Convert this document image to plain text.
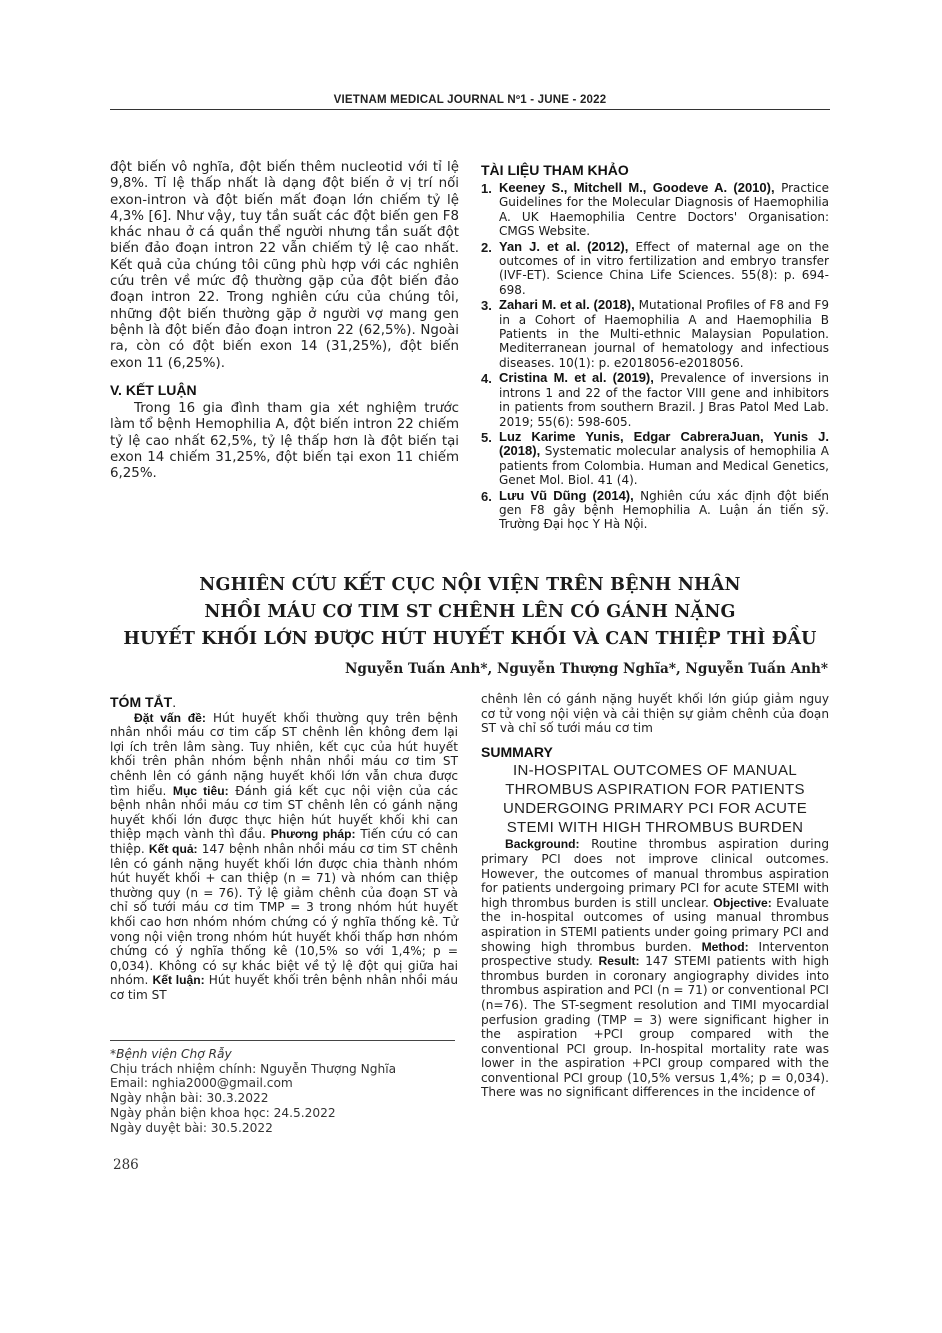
VIETNAM MEDICAL JOURNAL Nº1 - JUNE - 2022

đột biến vô nghĩa, đột biến thêm nucleotid với tỉ lệ 9,8%. Tỉ lệ thấp nhất là dạng đột biến ở vị trí nối exon-intron và đột biến mất đoạn lớn chiếm tỷ lệ 4,3% [6]. Như vậy, tuy tần suất các đột biến gen F8 khác nhau ở cá quần thể người nhưng tần suất đột biến đảo đoạn intron 22 vẫn chiếm tỷ lệ cao nhất. Kết quả của chúng tôi cũng phù hợp với các nghiên cứu trên về mức độ thường gặp của đột biến đảo đoạn intron 22. Trong nghiên cứu của chúng tôi, những đột biến thường gặp ở người vợ mang gen bệnh là đột biến đảo đoạn intron 22 (62,5%). Ngoài ra, còn có đột biến exon 14 (31,25%), đột biến exon 11 (6,25%).

V. KẾT LUẬN

Trong 16 gia đình tham gia xét nghiệm trước làm tổ bệnh Hemophilia A, đột biến intron 22 chiếm tỷ lệ cao nhất 62,5%, tỷ lệ thấp hơn là đột biến tại exon 14 chiếm 31,25%, đột biến tại exon 11 chiếm 6,25%.

TÀI LIỆU THAM KHẢO

1. Keeney S., Mitchell M., Goodeve A. (2010), Practice Guidelines for the Molecular Diagnosis of Haemophilia A. UK Haemophilia Centre Doctors' Organisation: CMGS Website.
2. Yan J. et al. (2012), Effect of maternal age on the outcomes of in vitro fertilization and embryo transfer (IVF-ET). Science China Life Sciences. 55(8): p. 694-698.
3. Zahari M. et al. (2018), Mutational Profiles of F8 and F9 in a Cohort of Haemophilia A and Haemophilia B Patients in the Multi-ethnic Malaysian Population. Mediterranean journal of hematology and infectious diseases. 10(1): p. e2018056-e2018056.
4. Cristina M. et al. (2019), Prevalence of inversions in introns 1 and 22 of the factor VIII gene and inhibitors in patients from southern Brazil. J Bras Patol Med Lab. 2019; 55(6): 598-605.
5. Luz Karime Yunis, Edgar CabreraJuan, Yunis J. (2018), Systematic molecular analysis of hemophilia A patients from Colombia. Human and Medical Genetics, Genet Mol. Biol. 41 (4).
6. Lưu Vũ Dũng (2014), Nghiên cứu xác định đột biến gen F8 gây bệnh Hemophilia A. Luận án tiến sỹ. Trường Đại học Y Hà Nội.
NGHIÊN CỨU KẾT CỤC NỘI VIỆN TRÊN BỆNH NHÂN
NHỒI MÁU CƠ TIM ST CHÊNH LÊN CÓ GÁNH NẶNG
HUYẾT KHỐI LỚN ĐƯỢC HÚT HUYẾT KHỐI VÀ CAN THIỆP THÌ ĐẦU
Nguyễn Tuấn Anh*, Nguyễn Thượng Nghĩa*, Nguyễn Tuấn Anh*

TÓM TẮT.

Đặt vấn đề: Hút huyết khối thường quy trên bệnh nhân nhồi máu cơ tim cấp ST chênh lên không đem lại lợi ích trên lâm sàng. Tuy nhiên, kết cục của hút huyết khối trên phân nhóm bệnh nhân nhồi máu cơ tim ST chênh lên có gánh nặng huyết khối lớn vẫn chưa được tìm hiểu. Mục tiêu: Đánh giá kết cục nội viện của các bệnh nhân nhồi máu cơ tim ST chênh lên có gánh nặng huyết khối lớn được thực hiện hút huyết khối khi can thiệp mạch vành thì đầu. Phương pháp: Tiến cứu có can thiệp. Kết quả: 147 bệnh nhân nhồi máu cơ tim ST chênh lên có gánh nặng huyết khối lớn được chia thành nhóm hút huyết khối + can thiệp (n = 71) và nhóm can thiệp thường quy (n = 76). Tỷ lệ giảm chênh của đoạn ST và chỉ số tưới máu cơ tim TMP = 3 trong nhóm hút huyết khối cao hơn nhóm nhóm chứng có ý nghĩa thống kê. Tử vong nội viện trong nhóm hút huyết khối thấp hơn nhóm chứng có ý nghĩa thống kê (10,5% so với 1,4%; p = 0,034). Không có sự khác biệt về tỷ lệ đột quị giữa hai nhóm. Kết luận: Hút huyết khối trên bệnh nhân nhồi máu cơ tim ST

*Bệnh viện Chợ Rẫy
Chịu trách nhiệm chính: Nguyễn Thượng Nghĩa
Email: nghia2000@gmail.com
Ngày nhận bài: 30.3.2022
Ngày phản biện khoa học: 24.5.2022
Ngày duyệt bài: 30.5.2022

chênh lên có gánh nặng huyết khối lớn giúp giảm nguy cơ tử vong nội viện và cải thiện sự giảm chênh của đoạn ST và chỉ số tưới máu cơ tim

SUMMARY

IN-HOSPITAL OUTCOMES OF MANUAL
THROMBUS ASPIRATION FOR PATIENTS
UNDERGOING PRIMARY PCI FOR ACUTE
STEMI WITH HIGH THROMBUS BURDEN

Background: Routine thrombus aspiration during primary PCI does not improve clinical outcomes. However, the outcomes of manual thrombus aspiration for patients undergoing primary PCI for acute STEMI with high thrombus burden is still unclear. Objective: Evaluate the in-hospital outcomes of using manual thrombus aspiration in STEMI patients under going primary PCI and showing high thrombus burden. Method: Interventon prospective study. Result: 147 STEMI patients with high thrombus burden in coronary angiography divides into thrombus aspiration and PCI (n = 71) or conventional PCI (n=76). The ST-segment resolution and TIMI myocardial perfusion grading (TMP = 3) were significant higher in the aspiration +PCI group compared with the conventional PCI group. In-hospital mortality rate was lower in the aspiration +PCI group compared with the conventional PCI group (10,5% versus 1,4%; p = 0,034). There was no significant differences in the incidence of

286
